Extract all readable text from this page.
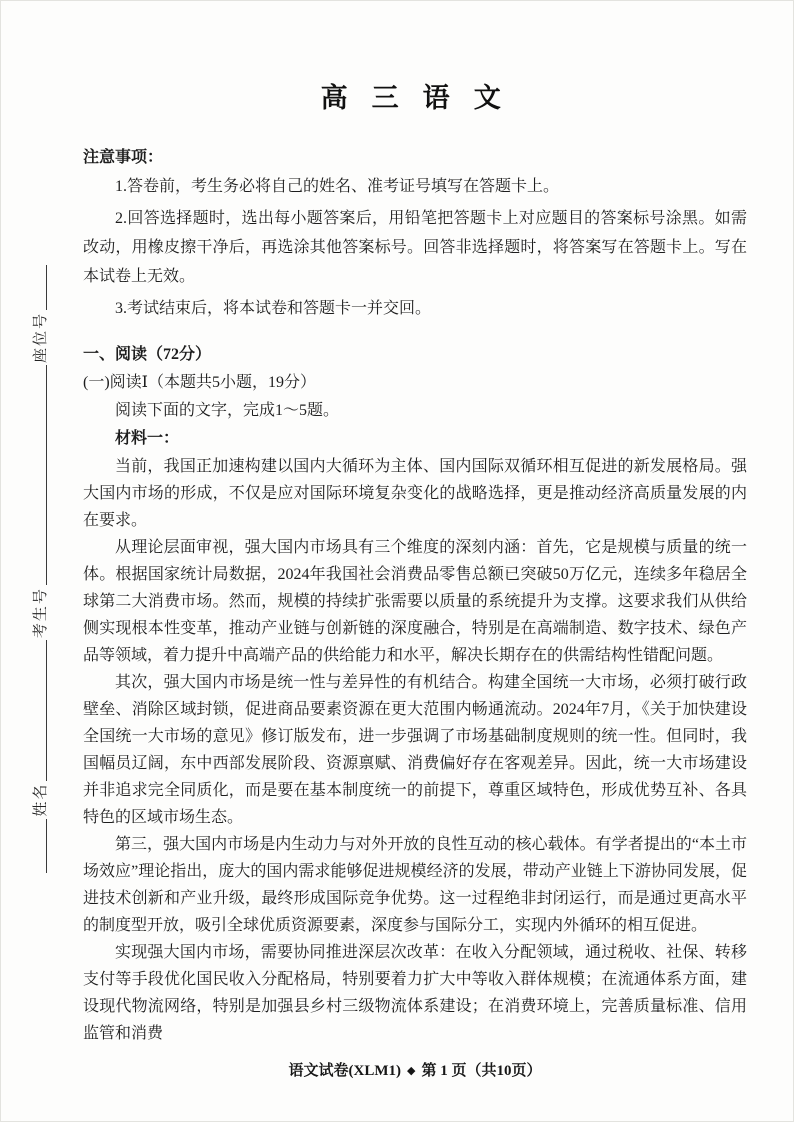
姓名
考生号
座位号
高 三 语 文
注意事项：
1.答卷前，考生务必将自己的姓名、准考证号填写在答题卡上。
2.回答选择题时，选出每小题答案后，用铅笔把答题卡上对应题目的答案标号涂黑。如需改动，用橡皮擦干净后，再选涂其他答案标号。回答非选择题时，将答案写在答题卡上。写在本试卷上无效。
3.考试结束后，将本试卷和答题卡一并交回。
一、阅读（72分）
(一)阅读Ⅰ（本题共5小题，19分）
阅读下面的文字，完成1～5题。
材料一：

当前，我国正加速构建以国内大循环为主体、国内国际双循环相互促进的新发展格局。强大国内市场的形成，不仅是应对国际环境复杂变化的战略选择，更是推动经济高质量发展的内在要求。

从理论层面审视，强大国内市场具有三个维度的深刻内涵：首先，它是规模与质量的统一体。根据国家统计局数据，2024年我国社会消费品零售总额已突破50万亿元，连续多年稳居全球第二大消费市场。然而，规模的持续扩张需要以质量的系统提升为支撑。这要求我们从供给侧实现根本性变革，推动产业链与创新链的深度融合，特别是在高端制造、数字技术、绿色产品等领域，着力提升中高端产品的供给能力和水平，解决长期存在的供需结构性错配问题。

其次，强大国内市场是统一性与差异性的有机结合。构建全国统一大市场，必须打破行政壁垒、消除区域封锁，促进商品要素资源在更大范围内畅通流动。2024年7月，《关于加快建设全国统一大市场的意见》修订版发布，进一步强调了市场基础制度规则的统一性。但同时，我国幅员辽阔，东中西部发展阶段、资源禀赋、消费偏好存在客观差异。因此，统一大市场建设并非追求完全同质化，而是要在基本制度统一的前提下，尊重区域特色，形成优势互补、各具特色的区域市场生态。

第三，强大国内市场是内生动力与对外开放的良性互动的核心载体。有学者提出的“本土市场效应”理论指出，庞大的国内需求能够促进规模经济的发展，带动产业链上下游协同发展，促进技术创新和产业升级，最终形成国际竞争优势。这一过程绝非封闭运行，而是通过更高水平的制度型开放，吸引全球优质资源要素，深度参与国际分工，实现内外循环的相互促进。

实现强大国内市场，需要协同推进深层次改革：在收入分配领域，通过税收、社保、转移支付等手段优化国民收入分配格局，特别要着力扩大中等收入群体规模；在流通体系方面，建设现代物流网络，特别是加强县乡村三级物流体系建设；在消费环境上，完善质量标准、信用监管和消费

语文试卷(XLM1) ◆ 第 1 页（共10页）
